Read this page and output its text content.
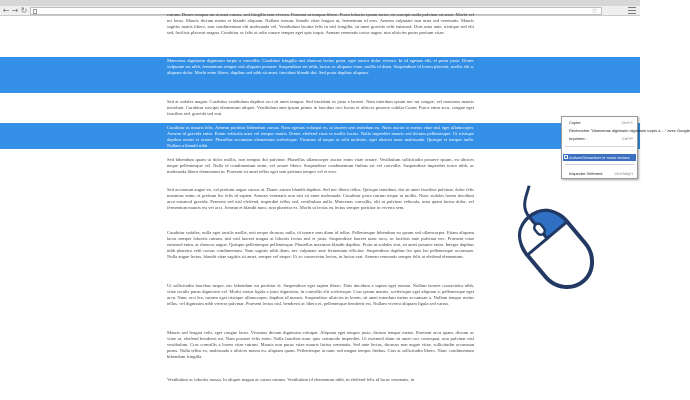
← → ↻	☆

rutrum. Donec tempus mi at urna cursus, sed fringilla sem viverra. Praesent at tempus libero. Proin lobortis ipsum tortor, eu suscipit nulla pulvinar sit amet. Morbi vel mi lacus. Mauris dictum metus et blandit aliquam. Nullam rutrum, blandit vitae feugiat ut, fermentum id eros. Aenean vulputate non urna sed venenatis. Mauris sagittis mattis libero, non condimentum elit malesuada vel. Vestibulum lacinia felis in nisl fringilla, sit amet gravida velit euismod. Duis urna ante, tristique sed elit sed, facilisis placerat magna. Curabitur ac felis ut odio ornare semper eget quis turpis. Aenean venenatis tortor augue, non ultricies purus pretium vitae.

Maecenas dignissim dignissim turpis a convallis. Curabitur fringilla nisi rhoncus lectus porta, eget auctor dolor viverra. In id egestas elit, et porta justo. Donec vulputate est nibh, fermentum semper nisl aliquam posuere. Suspendisse est nibh, luctus ac aliquam vitae, mollis id diam. Suspendisse id lorem placerat, mollis elit a, aliquam dolor. Morbi enim libero, dapibus sed nibh sit amet, tincidunt blandit dui. Sed porta dapibus aliquam.

Sed at sodales magna. Curabitur vestibulum dapibus orci sit amet tempus. Sed tincidunt ex justo a laoreet. Nam interdum ipsum nec mi congue, vel maximus mauris tincidunt. Curabitur suscipit elementum aliquet. Vestibulum ante ipsum primis in faucibus orci luctus et ultrices posuere cubilia Curae; Fusce enim arcu, congue eget faucibus sed, gravida sed erat.

Curabitur in mauris felis. Aenean porttitor bibendum cursus. Nam egestas volutpat ex, at laoreet sem interdum eu. Nunc auctor in metus vitae nisl eget ullamcorper. Aenean id gravida enim. Etiam vehicula urna vel tempor mattis. Donec eleifend risus in mollis luctus. Nulla imperdiet mauris sed dictum pellentesque. Ut tristique dapibus metus et ornare. Phasellus accumsan elementum scelerisque. Vivamus id neque ut velit molestie, eget ultrices nunc malesuada. Quisque et tempor nulla. Nullam a blandit nibh.

Sed bibendum quam ut dolor mollis, non tempus dui pulvinar. Phasellus ullamcorper auctor enim vitae ornare. Vestibulum sollicitudin posuere ipsum, eu ultrices neque pellentesque vel. Nulla id condimentum enim, vel ornare libero. Suspendisse condimentum finibus est vel convallis. Suspendisse imperdiet tortor nibh, ac malesuada libero elementum in. Praesent sit amet tellus eget sem pretium tempor vel et eros.

Sed accumsan augue ex, vel pretium augue cursus at. Donec auctor blandit dapibus. Sed nec libero tellus. Quisque interdum, dui sit amet faucibus pulvinar, dolor felis maximus enim, et pretium leo felis id sapien. Aenean venenatis non nisi sit amet malesuada. Curabitur porta rutrum neque ut mollis. Nunc sodales lorem tincidunt arcu euismod gravida. Praesent sed nisl eleifend, imperdiet tellus sed, vestibulum nulla. Maecenas convallis, elit ut pulvinar vehicula, urna quam luctus dolor, vel fermentum mauris est vel orci. Aenean et blandit nunc, non pharetra ex. Morbi ut lectus eu lectus semper porttitor in viverra sem.

Curabitur sodales, nulla eget iaculis mollis, nisi neque rhoncus nulla, id ornare sem diam id tellus. Pellentesque bibendum eu ipsum sed ullamcorper. Etiam aliquam lacus semper lobortis rutrum, nisl nisl laoreet magna at lobortis lectus nisl et justo. Suspendisse laoreet nunc arcu, ac facilisis ante pulvinar nec. Praesent vitae euismod enim, at rhoncus augue. Quisque pellentesque pellentesque. Phasellus maximus blandit dapibus. Proin ut sodales erat, sit amet posuere enim. Integer dapibus nibh pharetra velit cursus condimentum. Nam sagittis nibh diam, nec vulputate ante fermentum efficitur. Suspendisse dapibus leo quis leo pellentesque accumsan. Nulla augue lectus, blandit vitae sagittis sit amet, semper vel neque. Ut ac consectetur lectus, in luctus erat. Aenean venenatis semper felis at eleifend elementum.

Ut sollicitudin faucibus neque, nec bibendum est porttitor et. Suspendisse eget sapien libero. Duis tincidunt a sapien eget rutrum. Nullam laoreet consectetur nibh, vitae iaculis purus dignissim vel. Morbi varius ligula a justo dignissim, in convallis elit scelerisque. Cras ipsum mauris, scelerisque eget aliquam a, pellentesque eget arcu. Nunc orci leo, rutrum eget tristique ullamcorper, dapibus id mauris. Suspendisse ultricies in lorem, sit amet interdum metus accumsan a. Nullam tempor metus tellus, vel dignissim nibh viverra pulvinar. Praesent lectus nisl, hendrerit ac libero et, pellentesque hendrerit est. Nullam viverra aliquam ligula sed varius.

Mauris sed feugiat velit, eget congue lacus. Vivamus dictum dignissim volutpat. Aliquam eget tempor justo, dictum tempor metus. Praesent arcu quam, dictum ac vitae ut, eleifend hendrerit mi. Nam posuere felis enim. Nulla faucibus nunc quis commodo imperdiet. Ut euismod diam sit amet orci consequat, non pulvinar nisl vestibulum. Cras convallis a lorem vitae rutrum. Mauris non purus vitae mauris luctus venenatis. Sed ante lectus, rhoncus non augue vitae, sollicitudin accumsan purus. Nulla tellus ex, malesuada a ultrices massa eu, aliquam quam. Pellentesque at nunc sed magna tempor finibus. Cras at sollicitudin libero. Nunc condimentum bibendum fringilla.

Vestibulum ac lobortis massa. In aliquet magna at cursus rutrum. Vestibulum id elementum nibh, in eleifend felis id lacus venenatis, in

Copier	Ctrl+C
Rechercher "Maecenas dignissim dignissim turpis a ..." avec Google
Imprimer...	Ctrl+P
Activer/Désactiver le mode lecture
Inspecter l'élément	Ctrl+Maj+I
